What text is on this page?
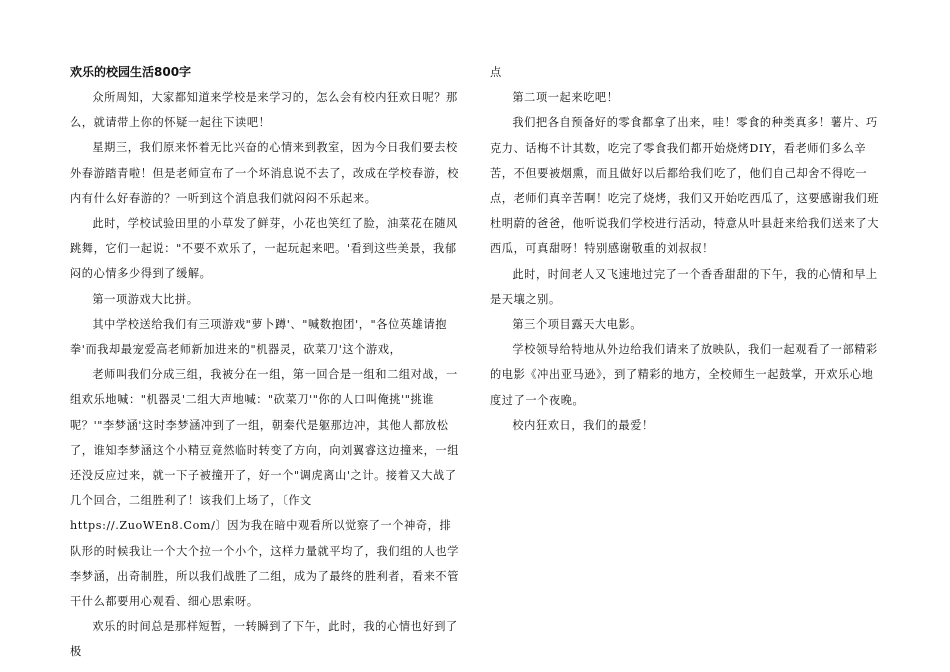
欢乐的校园生活800字

众所周知，大家都知道来学校是来学习的，怎么会有校内狂欢日呢？那么，就请带上你的怀疑一起往下读吧！

星期三，我们原来怀着无比兴奋的心情来到教室，因为今日我们要去校外春游踏青啦！但是老师宣布了一个坏消息说不去了，改成在学校春游，校内有什么好春游的？一听到这个消息我们就闷闷不乐起来。

此时，学校试验田里的小草发了鲜芽，小花也笑红了脸，油菜花在随风跳舞，它们一起说："不要不欢乐了，一起玩起来吧。'看到这些美景，我郁闷的心情多少得到了缓解。

第一项游戏大比拼。

其中学校送给我们有三项游戏"萝卜蹲'、"喊数抱团'，"各位英雄请抱拳'而我却最宠爱高老师新加进来的"机器灵，砍菜刀'这个游戏，

老师叫我们分成三组，我被分在一组，第一回合是一组和二组对战，一组欢乐地喊："机器灵'二组大声地喊："砍菜刀'"你的人口叫俺挑'"挑谁呢？'"李梦涵'这时李梦涵冲到了一组，朝秦代是躯那边冲，其他人都放松了，谁知李梦涵这个小精豆竟然临时转变了方向，向刘翼睿这边撞来，一组还没反应过来，就一下子被撞开了，好一个"调虎离山'之计。接着又大战了几个回合，二组胜利了！该我们上场了，〔作文https://.ZuoWEn8.Com/〕因为我在暗中观看所以觉察了一个神奇，排队形的时候我让一个大个拉一个小个，这样力量就平均了，我们组的人也学李梦涵，出奇制胜，所以我们战胜了二组，成为了最终的胜利者，看来不管干什么都要用心观看、细心思索呀。

欢乐的时间总是那样短暂，一转瞬到了下午，此时，我的心情也好到了极

点

第二项一起来吃吧！

我们把各自预备好的零食都拿了出来，哇！零食的种类真多！薯片、巧克力、话梅不计其数，吃完了零食我们都开始烧烤DIY，看老师们多么辛苦，不但要被烟熏，而且做好以后都给我们吃了，他们自己却舍不得吃一点，老师们真辛苦啊！吃完了烧烤，我们又开始吃西瓜了，这要感谢我们班杜明蔚的爸爸，他听说我们学校进行活动，特意从叶县赶来给我们送来了大西瓜，可真甜呀！特别感谢敬重的刘叔叔！

此时，时间老人又飞速地过完了一个香香甜甜的下午，我的心情和早上是天壤之别。

第三个项目露天大电影。

学校领导给特地从外边给我们请来了放映队，我们一起观看了一部精彩的电影《冲出亚马逊》，到了精彩的地方，全校师生一起鼓掌，开欢乐心地度过了一个夜晚。

校内狂欢日，我们的最爱！
